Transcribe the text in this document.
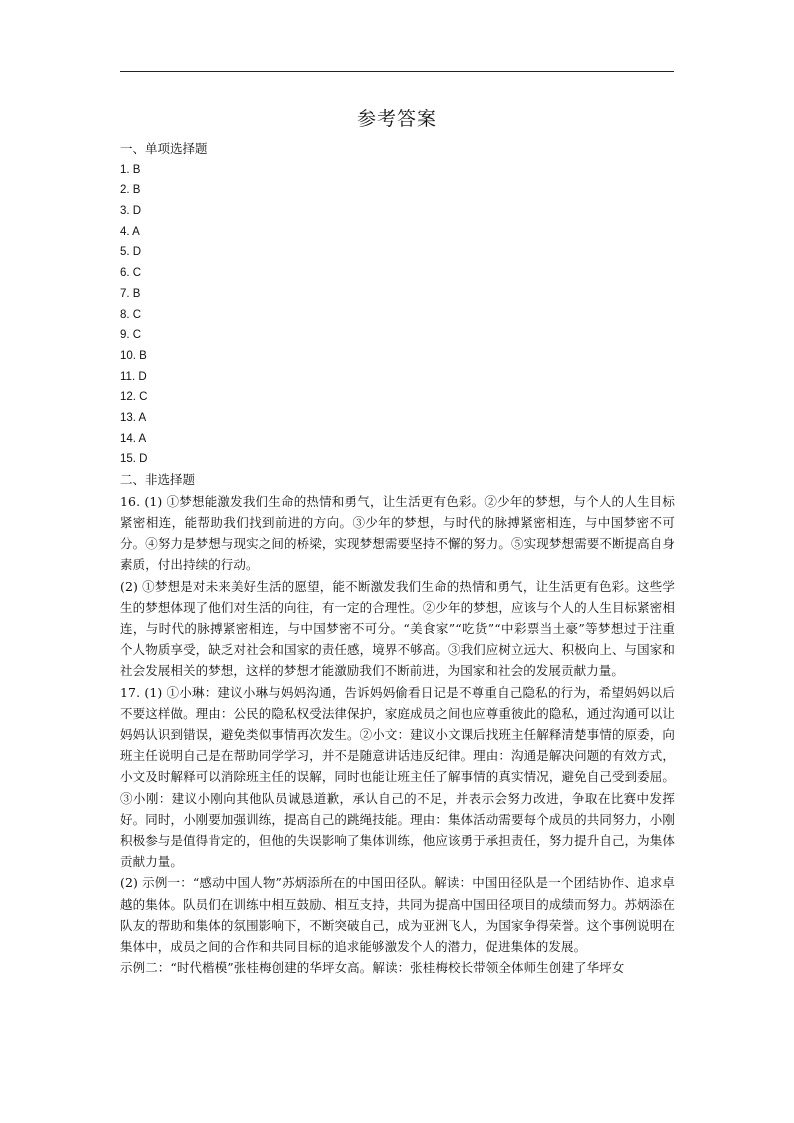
参考答案
一、单项选择题
1. B
2. B
3. D
4. A
5. D
6. C
7. B
8. C
9. C
10. B
11. D
12. C
13. A
14. A
15. D
二、非选择题

16. (1) ①梦想能激发我们生命的热情和勇气，让生活更有色彩。②少年的梦想，与个人的人生目标紧密相连，能帮助我们找到前进的方向。③少年的梦想，与时代的脉搏紧密相连，与中国梦密不可分。④努力是梦想与现实之间的桥梁，实现梦想需要坚持不懈的努力。⑤实现梦想需要不断提高自身素质，付出持续的行动。

(2) ①梦想是对未来美好生活的愿望，能不断激发我们生命的热情和勇气，让生活更有色彩。这些学生的梦想体现了他们对生活的向往，有一定的合理性。②少年的梦想，应该与个人的人生目标紧密相连，与时代的脉搏紧密相连，与中国梦密不可分。“美食家”“吃货”“中彩票当土豪”等梦想过于注重个人物质享受，缺乏对社会和国家的责任感，境界不够高。③我们应树立远大、积极向上、与国家和社会发展相关的梦想，这样的梦想才能激励我们不断前进，为国家和社会的发展贡献力量。

17. (1) ①小琳：建议小琳与妈妈沟通，告诉妈妈偷看日记是不尊重自己隐私的行为，希望妈妈以后不要这样做。理由：公民的隐私权受法律保护，家庭成员之间也应尊重彼此的隐私，通过沟通可以让妈妈认识到错误，避免类似事情再次发生。②小文：建议小文课后找班主任解释清楚事情的原委，向班主任说明自己是在帮助同学学习，并不是随意讲话违反纪律。理由：沟通是解决问题的有效方式，小文及时解释可以消除班主任的误解，同时也能让班主任了解事情的真实情况，避免自己受到委屈。③小刚：建议小刚向其他队员诚恳道歉，承认自己的不足，并表示会努力改进，争取在比赛中发挥好。同时，小刚要加强训练，提高自己的跳绳技能。理由：集体活动需要每个成员的共同努力，小刚积极参与是值得肯定的，但他的失误影响了集体训练，他应该勇于承担责任，努力提升自己，为集体贡献力量。

(2) 示例一：“感动中国人物”苏炳添所在的中国田径队。解读：中国田径队是一个团结协作、追求卓越的集体。队员们在训练中相互鼓励、相互支持，共同为提高中国田径项目的成绩而努力。苏炳添在队友的帮助和集体的氛围影响下，不断突破自己，成为亚洲飞人，为国家争得荣誉。这个事例说明在集体中，成员之间的合作和共同目标的追求能够激发个人的潜力，促进集体的发展。

示例二：“时代楷模”张桂梅创建的华坪女高。解读：张桂梅校长带领全体师生创建了华坪女
